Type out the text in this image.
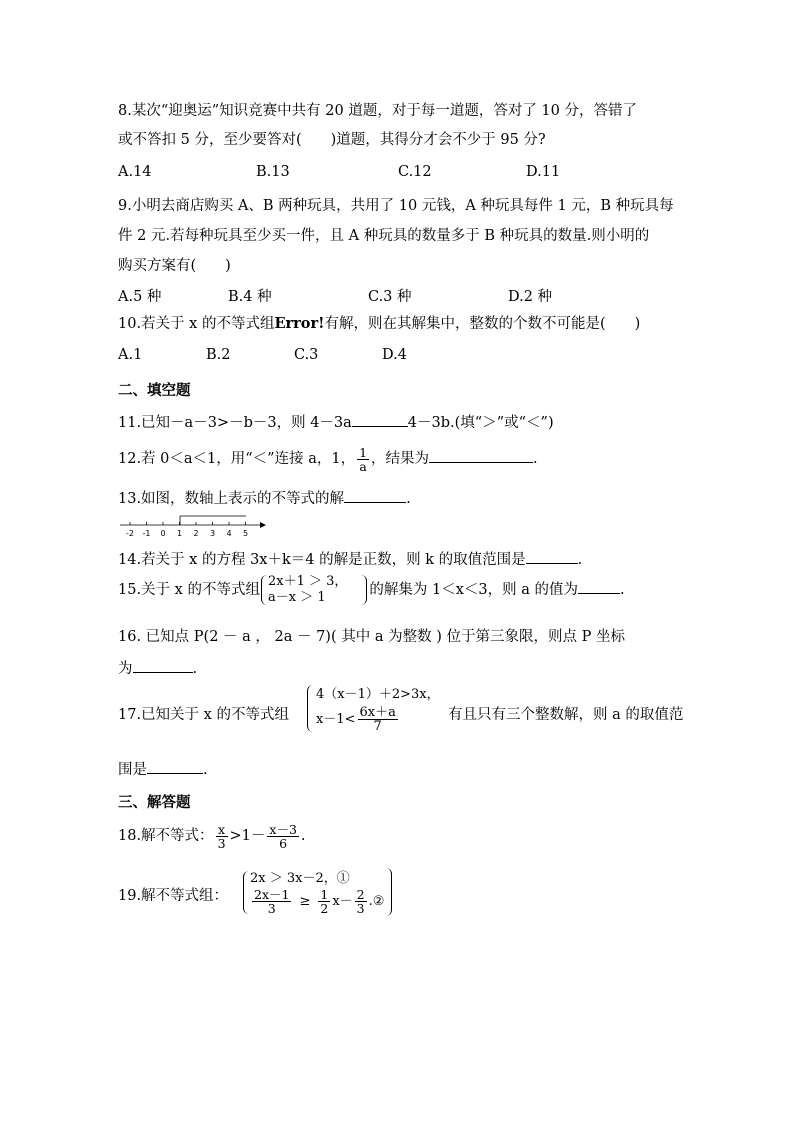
8.某次“迎奥运”知识竞赛中共有 20 道题，对于每一道题，答对了 10 分，答错了
或不答扣 5 分，至少要答对(　　)道题，其得分才会不少于 95 分?
A.14	B.13	C.12	D.11
9.小明去商店购买 A、B 两种玩具，共用了 10 元钱，A 种玩具每件 1 元，B 种玩具每
件 2 元.若每种玩具至少买一件，且 A 种玩具的数量多于 B 种玩具的数量.则小明的
购买方案有(　　)
A.5 种	B.4 种	C.3 种	D.2 种
10.若关于 x 的不等式组Error!有解，则在其解集中，整数的个数不可能是(　　)
A.1	B.2	C.3	D.4
二、填空题
11.已知－a－3>－b－3，则 4－3a	4－3b.(填“＞”或“＜”)
12.若 0＜a＜1，用“＜”连接 a，1， $\frac{1}{a}$ ，结果为	.
13.如图，数轴上表示的不等式的解	.
-2 -1 0 1 2 3 4 5
14.若关于 x 的方程 3x＋k＝4 的解是正数，则 k 的取值范围是	.
15.关于 x 的不等式组
2x＋1 ＞ 3，
a－x ＞ 1	的解集为 1＜x＜3，则 a 的值为	.
16. 已知点 P(2 － a ， 2a － 7)( 其中 a 为整数 ) 位于第三象限，则点 P 坐标
为	.
17.已知关于 x 的不等式组
4（x－1）＋2>3x，
$x-1< \frac{6x+a}{7}$	有且只有三个整数解，则 a 的取值范
围是	.
三、解答题
18.解不等式： $\frac{x}{3} >1- \frac{x-3}{6}$ .
19.解不等式组：
2x ＞ 3x－2，①
$\frac{2x-1}{3} \ge \frac{1}{2} x- \frac{2}{3}$ .②
